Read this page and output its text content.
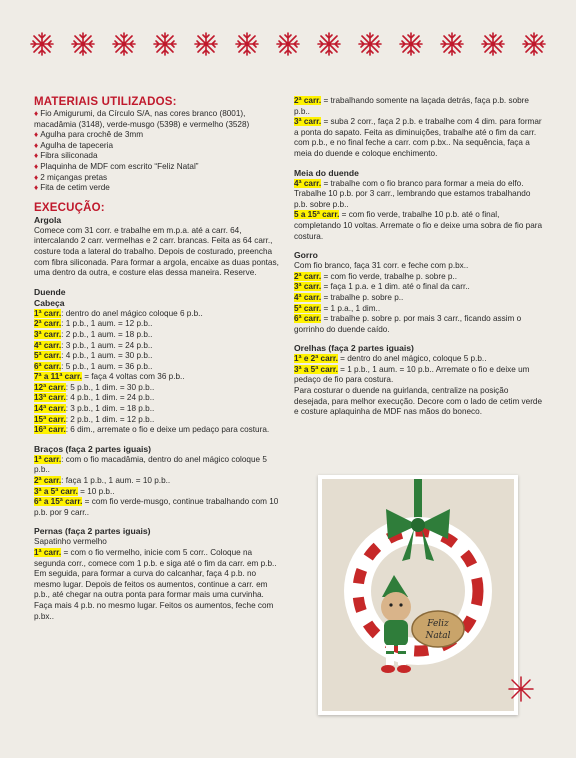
MATERIAIS UTILIZADOS:

♦ Fio Amigurumi, da Círculo S/A, nas cores branco (8001), macadâmia (3148), verde-musgo (5398) e vermelho (3528)

♦ Agulha para crochê de 3mm

♦ Agulha de tapeceria

♦ Fibra siliconada

♦ Plaquinha de MDF com escrito “Feliz Natal”

♦ 2 miçangas pretas

♦ Fita de cetim verde

EXECUÇÃO:
Argola

Comece com 31 corr. e trabalhe em m.p.a. até a carr. 64, intercalando 2 carr. vermelhas e 2 carr. brancas. Feita as 64 carr., costure toda a lateral do trabalho. Depois de costurado, preencha com fibra siliconada. Para formar a argola, encaixe as duas pontas, uma dentro da outra, e costure elas dessa maneira. Reserve.

Duende
Cabeça

1ª carr.: dentro do anel mágico coloque 6 p.b..

2ª carr.: 1 p.b., 1 aum. = 12 p.b..

3ª carr.: 2 p.b., 1 aum. = 18 p.b..

4ª carr.: 3 p.b., 1 aum. = 24 p.b..

5ª carr.: 4 p.b., 1 aum. = 30 p.b..

6ª carr.: 5 p.b., 1 aum. = 36 p.b..

7ª a 11ª carr. = faça 4 voltas com 36 p.b..

12ª carr.: 5 p.b., 1 dim. = 30 p.b..

13ª carr.: 4 p.b., 1 dim. = 24 p.b..

14ª carr.: 3 p.b., 1 dim. = 18 p.b..

15ª carr.: 2 p.b., 1 dim. = 12 p.b..

16ª carr.: 6 dim., arremate o fio e deixe um pedaço para costura.

Braços (faça 2 partes iguais)

1ª carr.: com o fio macadâmia, dentro do anel mágico coloque 5 p.b..

2ª carr.: faça 1 p.b., 1 aum. = 10 p.b..

3ª a 5ª carr. = 10 p.b..

6ª a 15ª carr. = com fio verde-musgo, continue trabalhando com 10 p.b. por 9 carr..

Pernas (faça 2 partes iguais)

Sapatinho vermelho

1ª carr. = com o fio vermelho, inicie com 5 corr.. Coloque na segunda corr., comece com 1 p.b. e siga até o fim da carr. em p.b.. Em seguida, para formar a curva do calcanhar, faça 4 p.b. no mesmo lugar. Depois de feitos os aumentos, continue a carr. em p.b., até chegar na outra ponta para formar mais uma curvinha. Faça mais 4 p.b. no mesmo lugar. Feitos os aumentos, feche com p.bx..

2ª carr. = trabalhando somente na laçada detrás, faça p.b. sobre p.b..

3ª carr. = suba 2 corr., faça 2 p.b. e trabalhe com 4 dim. para formar a ponta do sapato. Feita as diminuições, trabalhe até o fim da carr. com p.b., e no final feche a carr. com p.bx.. Na sequência, faça a meia do duende e coloque enchimento.

Meia do duende

4ª carr. = trabalhe com o fio branco para formar a meia do elfo. Trabalhe 10 p.b. por 3 carr., lembrando que estamos trabalhando p.b. sobre p.b..

5 a 15ª carr. = com fio verde, trabalhe 10 p.b. até o final, completando 10 voltas. Arremate o fio e deixe uma sobra de fio para costura.

Gorro

Com fio branco, faça 31 corr. e feche com p.bx..

2ª carr. = com fio verde, trabalhe p. sobre p..

3ª carr. = faça 1 p.a. e 1 dim. até o final da carr..

4ª carr. = trabalhe p. sobre p..

5ª carr. = 1 p.a., 1 dim..

6ª carr. = trabalhe p. sobre p. por mais 3 carr., ficando assim o gorrinho do duende caído.

Orelhas (faça 2 partes iguais)

1ª e 2ª carr. = dentro do anel mágico, coloque 5 p.b..

3ª a 5ª carr. = 1 p.b., 1 aum. = 10 p.b.. Arremate o fio e deixe um pedaço de fio para costura.

Para costurar o duende na guirlanda, centralize na posição desejada, para melhor execução. Decore com o lado de cetim verde e costure aplaquinha de MDF nas mãos do boneco.

Feliz
Natal
